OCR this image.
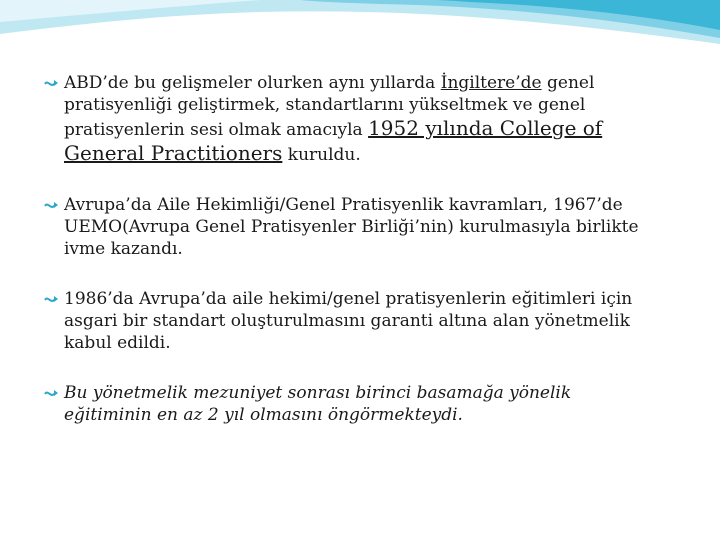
ABD’de bu gelişmeler olurken aynı yıllarda İngiltere’de genel pratisyenliği geliştirmek, standartlarını yükseltmek ve genel pratisyenlerin sesi olmak amacıyla 1952 yılında College of General Practitioners kuruldu.
Avrupa’da Aile Hekimliği/Genel Pratisyenlik kavramları, 1967’de UEMO(Avrupa Genel Pratisyenler Birliği’nin) kurulmasıyla birlikte ivme kazandı.
1986’da Avrupa’da aile hekimi/genel pratisyenlerin eğitimleri için asgari bir standart oluşturulmasını garanti altına alan yönetmelik kabul edildi.
Bu yönetmelik mezuniyet sonrası birinci basamağa yönelik eğitiminin en az 2 yıl olmasını öngörmekteydi.
